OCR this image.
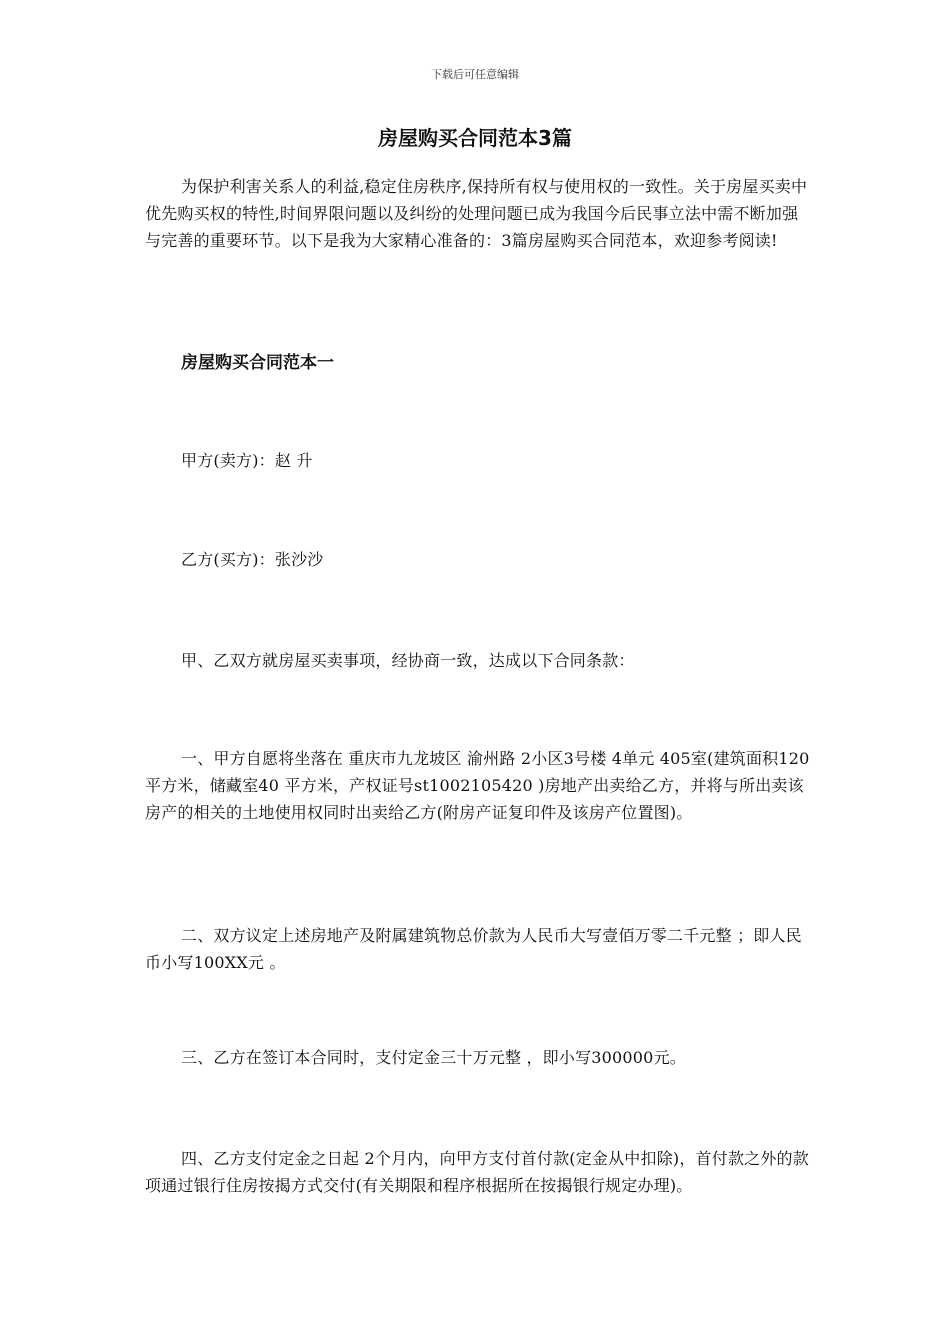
下载后可任意编辑
房屋购买合同范本3篇
为保护利害关系人的利益,稳定住房秩序,保持所有权与使用权的一致性。关于房屋买卖中优先购买权的特性,时间界限问题以及纠纷的处理问题已成为我国今后民事立法中需不断加强与完善的重要环节。以下是我为大家精心准备的：3篇房屋购买合同范本，欢迎参考阅读!
房屋购买合同范本一
甲方(卖方)：赵 升
乙方(买方)：张沙沙
甲、乙双方就房屋买卖事项，经协商一致，达成以下合同条款：
一、甲方自愿将坐落在 重庆市九龙坡区 渝州路 2小区3号楼 4单元 405室(建筑面积120平方米，储藏室40 平方米，产权证号st1002105420 )房地产出卖给乙方，并将与所出卖该房产的相关的土地使用权同时出卖给乙方(附房产证复印件及该房产位置图)。
二、双方议定上述房地产及附属建筑物总价款为人民币大写壹佰万零二千元整 ；即人民币小写100XX元 。
三、乙方在签订本合同时，支付定金三十万元整 ，即小写300000元。
四、乙方支付定金之日起 2个月内，向甲方支付首付款(定金从中扣除)，首付款之外的款项通过银行住房按揭方式交付(有关期限和程序根据所在按揭银行规定办理)。
